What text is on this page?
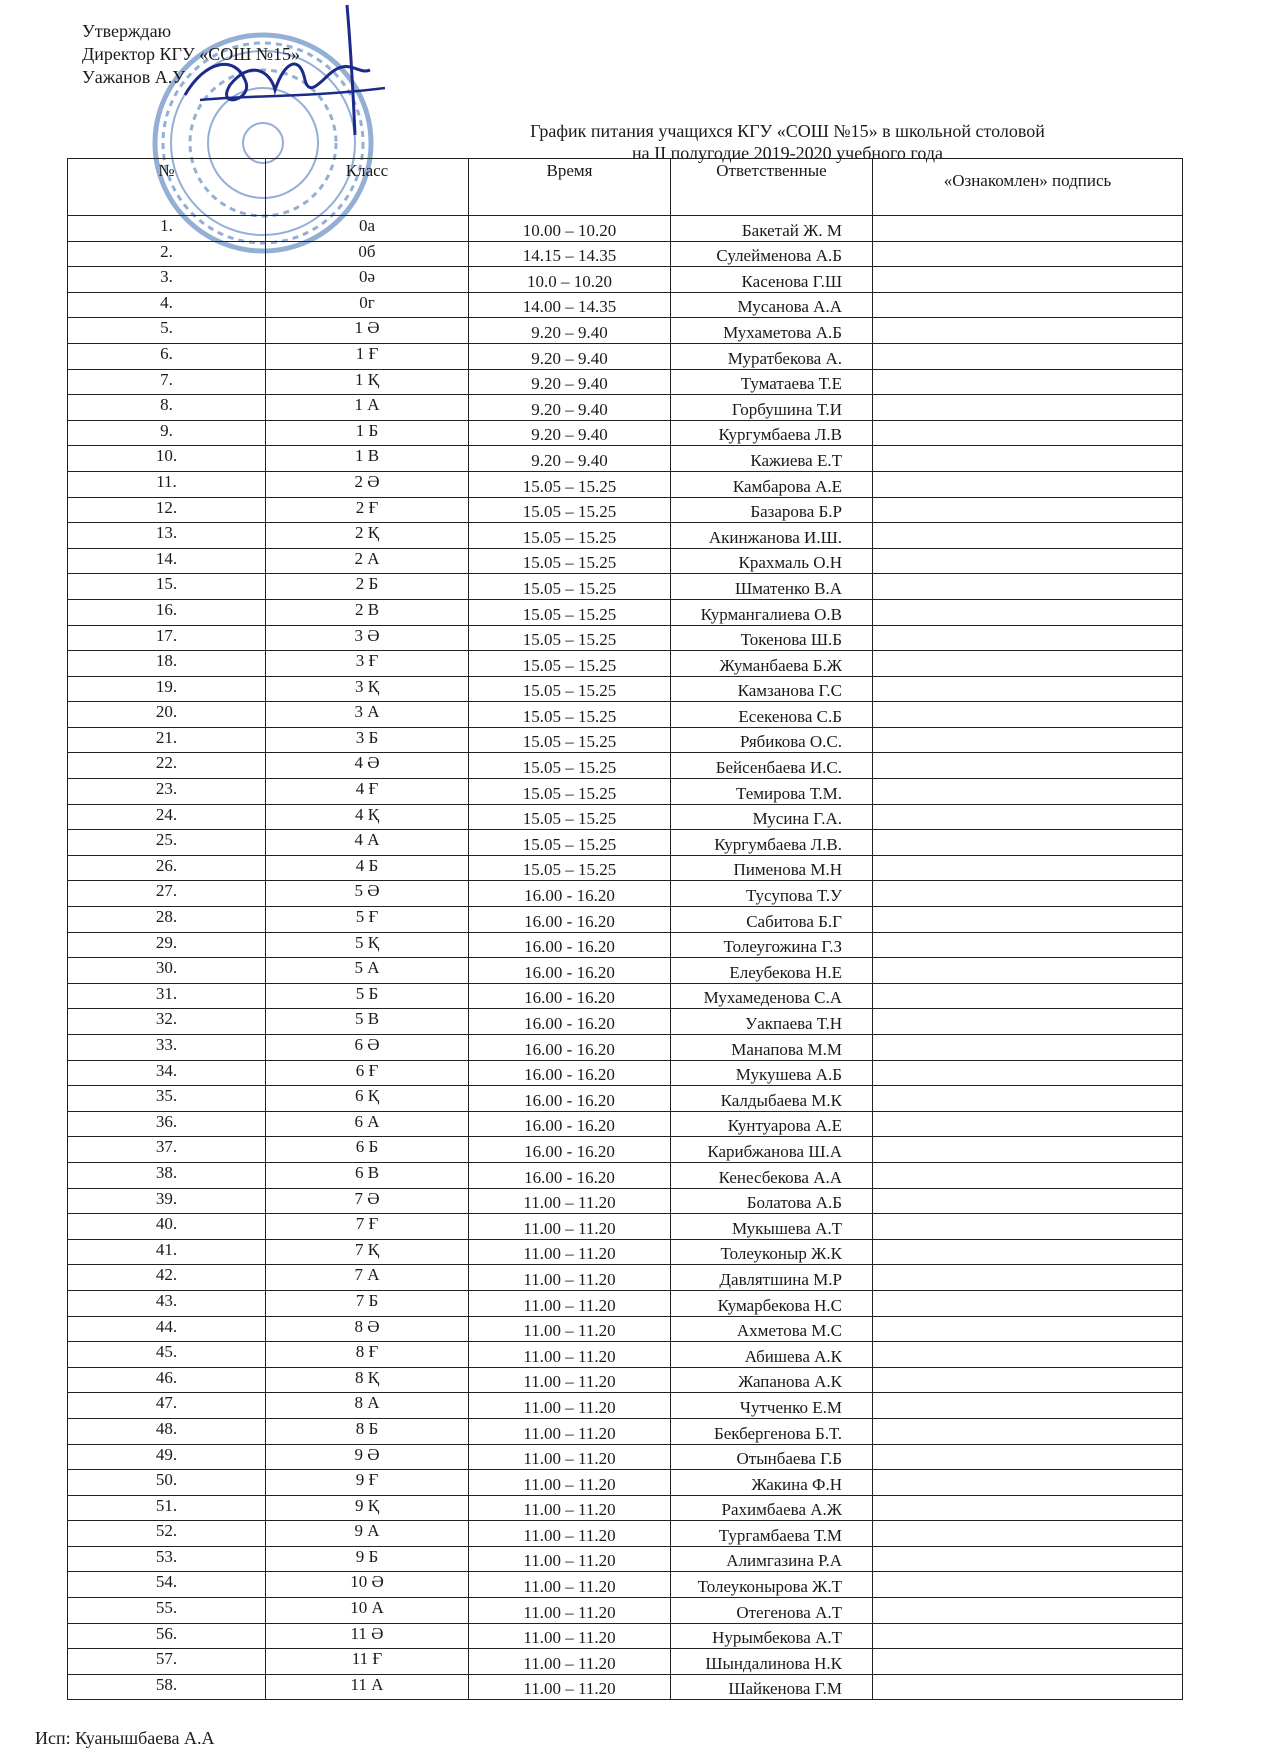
Утверждаю
Директор КГУ «СОШ №15»
Уажанов А.У
График питания учащихся КГУ «СОШ №15» в школьной столовой
на II полугодие 2019-2020 учебного года
№	Класс	Время	Ответственные	«Ознакомлен» подпись
1.	0а	10.00 – 10.20	Бакетай Ж. М	
2.	0б	14.15 – 14.35	Сулейменова А.Б	
3.	0ә	10.0 – 10.20	Касенова Г.Ш	
4.	0г	14.00 – 14.35	Мусанова А.А	
5.	1 Ә	9.20 – 9.40	Мухаметова А.Б	
6.	1 Ғ	9.20 – 9.40	Муратбекова А.	
7.	1 Қ	9.20 – 9.40	Туматаева Т.Е	
8.	1 А	9.20 – 9.40	Горбушина Т.И	
9.	1 Б	9.20 – 9.40	Кургумбаева Л.В	
10.	1 В	9.20 – 9.40	Кажиева Е.Т	
11.	2 Ә	15.05 – 15.25	Камбарова А.Е	
12.	2 Ғ	15.05 – 15.25	Базарова Б.Р	
13.	2 Қ	15.05 – 15.25	Акинжанова И.Ш.	
14.	2 А	15.05 – 15.25	Крахмаль О.Н	
15.	2 Б	15.05 – 15.25	Шматенко В.А	
16.	2 В	15.05 – 15.25	Курмангалиева О.В	
17.	3 Ә	15.05 – 15.25	Токенова Ш.Б	
18.	3 Ғ	15.05 – 15.25	Жуманбаева Б.Ж	
19.	3 Қ	15.05 – 15.25	Камзанова Г.С	
20.	3 А	15.05 – 15.25	Есекенова С.Б	
21.	3 Б	15.05 – 15.25	Рябикова О.С.	
22.	4 Ә	15.05 – 15.25	Бейсенбаева И.С.	
23.	4 Ғ	15.05 – 15.25	Темирова Т.М.	
24.	4 Қ	15.05 – 15.25	Мусина Г.А.	
25.	4 А	15.05 – 15.25	Кургумбаева Л.В.	
26.	4 Б	15.05 – 15.25	Пименова М.Н	
27.	5 Ә	16.00 - 16.20	Тусупова Т.У	
28.	5 Ғ	16.00 - 16.20	Сабитова Б.Г	
29.	5 Қ	16.00 - 16.20	Толеугожина Г.З	
30.	5 А	16.00 - 16.20	Елеубекова Н.Е	
31.	5 Б	16.00 - 16.20	Мухамеденова С.А	
32.	5 В	16.00 - 16.20	Уакпаева Т.Н	
33.	6 Ә	16.00 - 16.20	Манапова М.М	
34.	6 Ғ	16.00 - 16.20	Мукушева А.Б	
35.	6 Қ	16.00 - 16.20	Калдыбаева М.К	
36.	6 А	16.00 - 16.20	Кунтуарова А.Е	
37.	6 Б	16.00 - 16.20	Карибжанова Ш.А	
38.	6 В	16.00 - 16.20	Кенесбекова А.А	
39.	7 Ә	11.00 – 11.20	Болатова А.Б	
40.	7 Ғ	11.00 – 11.20	Мукышева А.Т	
41.	7 Қ	11.00 – 11.20	Толеуконыр Ж.К	
42.	7 А	11.00 – 11.20	Давлятшина М.Р	
43.	7 Б	11.00 – 11.20	Кумарбекова Н.С	
44.	8 Ә	11.00 – 11.20	Ахметова М.С	
45.	8 Ғ	11.00 – 11.20	Абишева А.К	
46.	8 Қ	11.00 – 11.20	Жапанова А.К	
47.	8 А	11.00 – 11.20	Чутченко Е.М	
48.	8 Б	11.00 – 11.20	Бекбергенова Б.Т.	
49.	9 Ә	11.00 – 11.20	Отынбаева Г.Б	
50.	9 Ғ	11.00 – 11.20	Жакина Ф.Н	
51.	9 Қ	11.00 – 11.20	Рахимбаева А.Ж	
52.	9 А	11.00 – 11.20	Тургамбаева Т.М	
53.	9 Б	11.00 – 11.20	Алимгазина Р.А	
54.	10 Ә	11.00 – 11.20	Толеуконырова Ж.Т	
55.	10 А	11.00 – 11.20	Отегенова А.Т	
56.	11 Ә	11.00 – 11.20	Нурымбекова А.Т	
57.	11 Ғ	11.00 – 11.20	Шындалинова Н.К	
58.	11 А	11.00 – 11.20	Шайкенова Г.М	
Исп: Куанышбаева А.А
